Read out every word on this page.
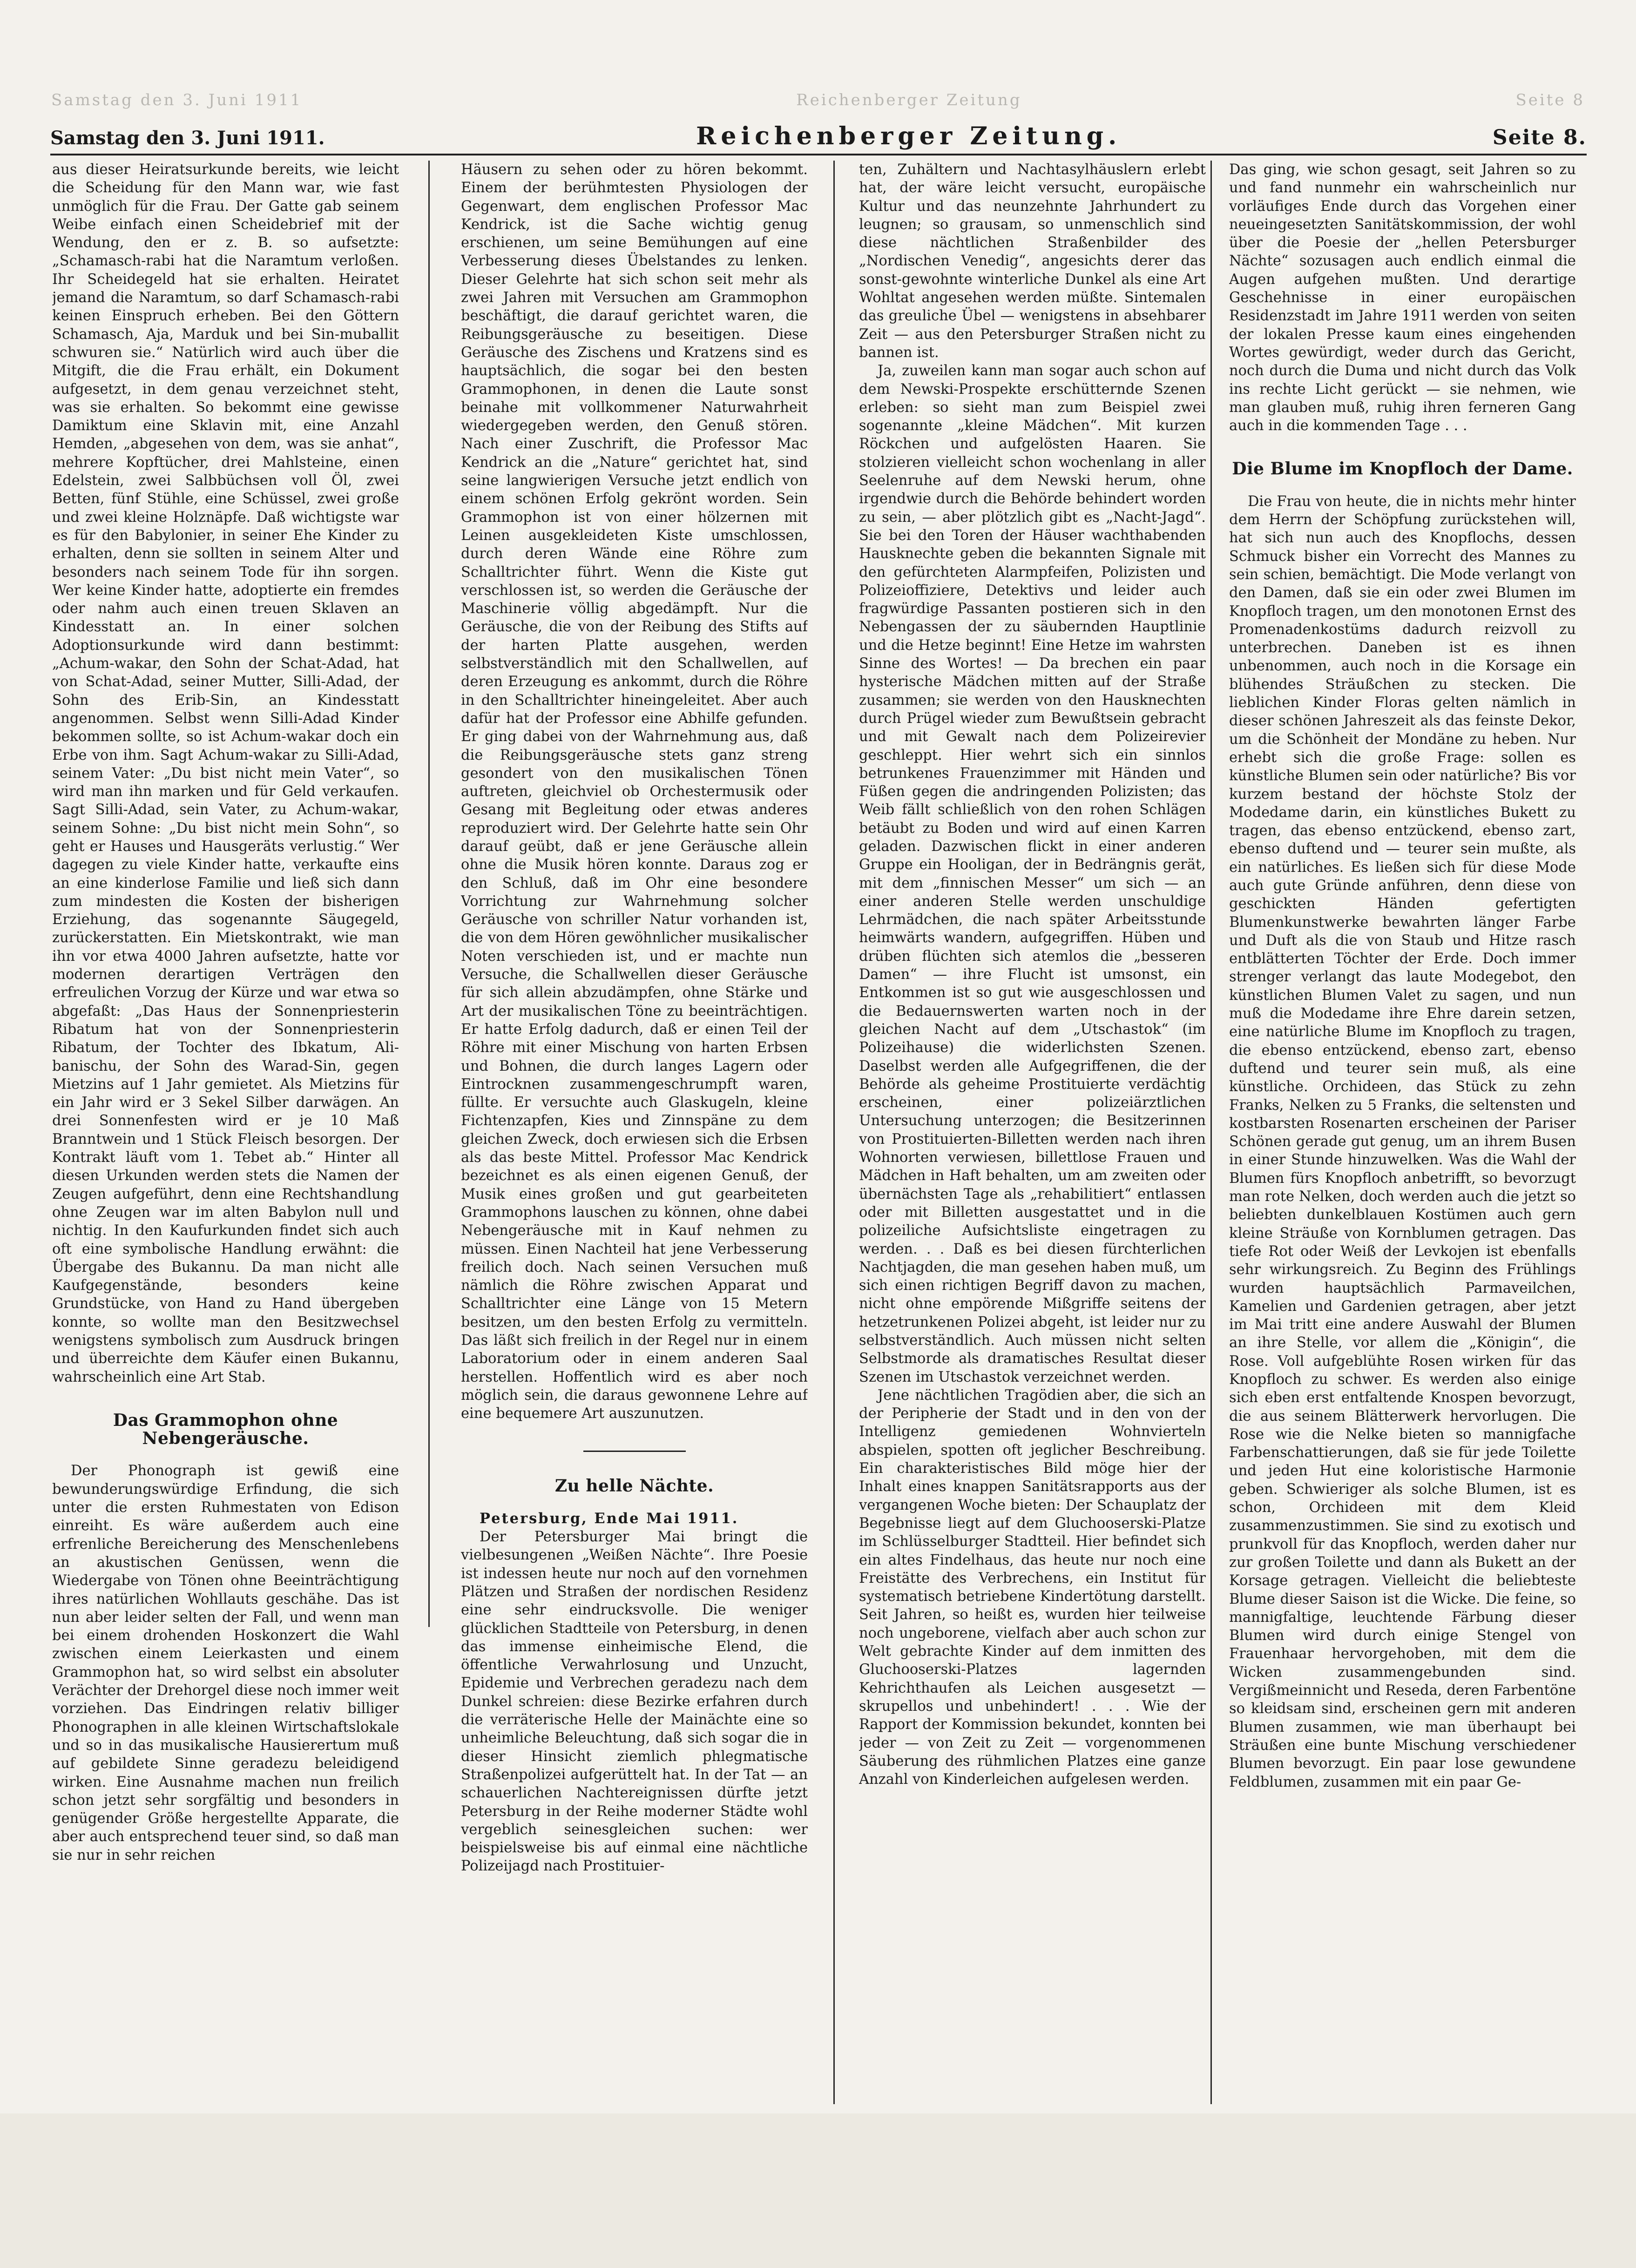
Samstag den 3. Juni 1911	Reichenberger Zeitung	Seite 8
Samstag den 3. Juni 1911.	Reichenberger Zeitung.	Seite 8.

aus dieser Heiratsurkunde bereits, wie leicht die Scheidung für den Mann war, wie fast unmöglich für die Frau. Der Gatte gab seinem Weibe einfach einen Scheidebrief mit der Wendung, den er z. B. so aufsetzte: „Schamasch-rabi hat die Naramtum verloßen. Ihr Scheidegeld hat sie erhalten. Heiratet jemand die Naramtum, so darf Schamasch-rabi keinen Einspruch erheben. Bei den Göttern Schamasch, Aja, Marduk und bei Sin-muballit schwuren sie.“ Natürlich wird auch über die Mitgift, die die Frau erhält, ein Dokument aufgesetzt, in dem genau verzeichnet steht, was sie erhalten. So bekommt eine gewisse Damiktum eine Sklavin mit, eine Anzahl Hemden, „abgesehen von dem, was sie anhat“, mehrere Kopftücher, drei Mahlsteine, einen Edelstein, zwei Salbbüchsen voll Öl, zwei Betten, fünf Stühle, eine Schüssel, zwei große und zwei kleine Holznäpfe. Daß wichtigste war es für den Babylonier, in seiner Ehe Kinder zu erhalten, denn sie sollten in seinem Alter und besonders nach seinem Tode für ihn sorgen. Wer keine Kinder hatte, adoptierte ein fremdes oder nahm auch einen treuen Sklaven an Kindesstatt an. In einer solchen Adoptionsurkunde wird dann bestimmt: „Achum-wakar, den Sohn der Schat-Adad, hat von Schat-Adad, seiner Mutter, Silli-Adad, der Sohn des Erib-Sin, an Kindesstatt angenommen. Selbst wenn Silli-Adad Kinder bekommen sollte, so ist Achum-wakar doch ein Erbe von ihm. Sagt Achum-wakar zu Silli-Adad, seinem Vater: „Du bist nicht mein Vater“, so wird man ihn marken und für Geld verkaufen. Sagt Silli-Adad, sein Vater, zu Achum-wakar, seinem Sohne: „Du bist nicht mein Sohn“, so geht er Hauses und Hausgeräts verlustig.“ Wer dagegen zu viele Kinder hatte, verkaufte eins an eine kinderlose Familie und ließ sich dann zum mindesten die Kosten der bisherigen Erziehung, das sogenannte Säugegeld, zurückerstatten. Ein Mietskontrakt, wie man ihn vor etwa 4000 Jahren aufsetzte, hatte vor modernen derartigen Verträgen den erfreulichen Vorzug der Kürze und war etwa so abgefaßt: „Das Haus der Sonnenpriesterin Ribatum hat von der Sonnenpriesterin Ribatum, der Tochter des Ibkatum, Ali-banischu, der Sohn des Warad-Sin, gegen Mietzins auf 1 Jahr gemietet. Als Mietzins für ein Jahr wird er 3 Sekel Silber darwägen. An drei Sonnenfesten wird er je 10 Maß Branntwein und 1 Stück Fleisch besorgen. Der Kontrakt läuft vom 1. Tebet ab.“ Hinter all diesen Urkunden werden stets die Namen der Zeugen aufgeführt, denn eine Rechtshandlung ohne Zeugen war im alten Babylon null und nichtig. In den Kaufurkunden findet sich auch oft eine symbolische Handlung erwähnt: die Übergabe des Bukannu. Da man nicht alle Kaufgegenstände, besonders keine Grundstücke, von Hand zu Hand übergeben konnte, so wollte man den Besitzwechsel wenigstens symbolisch zum Ausdruck bringen und überreichte dem Käufer einen Bukannu, wahrscheinlich eine Art Stab.

Das Grammophon ohne Nebengeräusche.

Der Phonograph ist gewiß eine bewunderungswürdige Erfindung, die sich unter die ersten Ruhmestaten von Edison einreiht. Es wäre außerdem auch eine erfrenliche Bereicherung des Menschenlebens an akustischen Genüssen, wenn die Wiedergabe von Tönen ohne Beeinträchtigung ihres natürlichen Wohllauts geschähe. Das ist nun aber leider selten der Fall, und wenn man bei einem drohenden Hoskonzert die Wahl zwischen einem Leierkasten und einem Grammophon hat, so wird selbst ein absoluter Verächter der Drehorgel diese noch immer weit vorziehen. Das Eindringen relativ billiger Phonographen in alle kleinen Wirtschaftslokale und so in das musikalische Hausierertum muß auf gebildete Sinne geradezu beleidigend wirken. Eine Ausnahme machen nun freilich schon jetzt sehr sorgfältig und besonders in genügender Größe hergestellte Apparate, die aber auch entsprechend teuer sind, so daß man sie nur in sehr reichen

Häusern zu sehen oder zu hören bekommt. Einem der berühmtesten Physiologen der Gegenwart, dem englischen Professor Mac Kendrick, ist die Sache wichtig genug erschienen, um seine Bemühungen auf eine Verbesserung dieses Übelstandes zu lenken. Dieser Gelehrte hat sich schon seit mehr als zwei Jahren mit Versuchen am Grammophon beschäftigt, die darauf gerichtet waren, die Reibungsgeräusche zu beseitigen. Diese Geräusche des Zischens und Kratzens sind es hauptsächlich, die sogar bei den besten Grammophonen, in denen die Laute sonst beinahe mit vollkommener Naturwahrheit wiedergegeben werden, den Genuß stören. Nach einer Zuschrift, die Professor Mac Kendrick an die „Nature“ gerichtet hat, sind seine langwierigen Versuche jetzt endlich von einem schönen Erfolg gekrönt worden. Sein Grammophon ist von einer hölzernen mit Leinen ausgekleideten Kiste umschlossen, durch deren Wände eine Röhre zum Schalltrichter führt. Wenn die Kiste gut verschlossen ist, so werden die Geräusche der Maschinerie völlig abgedämpft. Nur die Geräusche, die von der Reibung des Stifts auf der harten Platte ausgehen, werden selbstverständlich mit den Schallwellen, auf deren Erzeugung es ankommt, durch die Röhre in den Schalltrichter hineingeleitet. Aber auch dafür hat der Professor eine Abhilfe gefunden. Er ging dabei von der Wahrnehmung aus, daß die Reibungsgeräusche stets ganz streng gesondert von den musikalischen Tönen auftreten, gleichviel ob Orchestermusik oder Gesang mit Begleitung oder etwas anderes reproduziert wird. Der Gelehrte hatte sein Ohr darauf geübt, daß er jene Geräusche allein ohne die Musik hören konnte. Daraus zog er den Schluß, daß im Ohr eine besondere Vorrichtung zur Wahrnehmung solcher Geräusche von schriller Natur vorhanden ist, die von dem Hören gewöhnlicher musikalischer Noten verschieden ist, und er machte nun Versuche, die Schallwellen dieser Geräusche für sich allein abzudämpfen, ohne Stärke und Art der musikalischen Töne zu beeinträchtigen. Er hatte Erfolg dadurch, daß er einen Teil der Röhre mit einer Mischung von harten Erbsen und Bohnen, die durch langes Lagern oder Eintrocknen zusammengeschrumpft waren, füllte. Er versuchte auch Glaskugeln, kleine Fichtenzapfen, Kies und Zinnspäne zu dem gleichen Zweck, doch erwiesen sich die Erbsen als das beste Mittel. Professor Mac Kendrick bezeichnet es als einen eigenen Genuß, der Musik eines großen und gut gearbeiteten Grammophons lauschen zu können, ohne dabei Nebengeräusche mit in Kauf nehmen zu müssen. Einen Nachteil hat jene Verbesserung freilich doch. Nach seinen Versuchen muß nämlich die Röhre zwischen Apparat und Schalltrichter eine Länge von 15 Metern besitzen, um den besten Erfolg zu vermitteln. Das läßt sich freilich in der Regel nur in einem Laboratorium oder in einem anderen Saal herstellen. Hoffentlich wird es aber noch möglich sein, die daraus gewonnene Lehre auf eine bequemere Art auszunutzen.

Zu helle Nächte.

Petersburg, Ende Mai 1911.

Der Petersburger Mai bringt die vielbesungenen „Weißen Nächte“. Ihre Poesie ist indessen heute nur noch auf den vornehmen Plätzen und Straßen der nordischen Residenz eine sehr eindrucksvolle. Die weniger glücklichen Stadtteile von Petersburg, in denen das immense einheimische Elend, die öffentliche Verwahrlosung und Unzucht, Epidemie und Verbrechen geradezu nach dem Dunkel schreien: diese Bezirke erfahren durch die verräterische Helle der Mainächte eine so unheimliche Beleuchtung, daß sich sogar die in dieser Hinsicht ziemlich phlegmatische Straßenpolizei aufgerüttelt hat. In der Tat — an schauerlichen Nachtereignissen dürfte jetzt Petersburg in der Reihe moderner Städte wohl vergeblich seinesgleichen suchen: wer beispielsweise bis auf einmal eine nächtliche Polizeijagd nach Prostituier-

ten, Zuhältern und Nachtasylhäuslern erlebt hat, der wäre leicht versucht, europäische Kultur und das neunzehnte Jahrhundert zu leugnen; so grausam, so unmenschlich sind diese nächtlichen Straßenbilder des „Nordischen Venedig“, angesichts derer das sonst-gewohnte winterliche Dunkel als eine Art Wohltat angesehen werden müßte. Sintemalen das greuliche Übel — wenigstens in absehbarer Zeit — aus den Petersburger Straßen nicht zu bannen ist.

Ja, zuweilen kann man sogar auch schon auf dem Newski-Prospekte erschütternde Szenen erleben: so sieht man zum Beispiel zwei sogenannte „kleine Mädchen“. Mit kurzen Röckchen und aufgelösten Haaren. Sie stolzieren vielleicht schon wochenlang in aller Seelenruhe auf dem Newski herum, ohne irgendwie durch die Behörde behindert worden zu sein, — aber plötzlich gibt es „Nacht-Jagd“. Sie bei den Toren der Häuser wachthabenden Hausknechte geben die bekannten Signale mit den gefürchteten Alarmpfeifen, Polizisten und Polizeioffiziere, Detektivs und leider auch fragwürdige Passanten postieren sich in den Nebengassen der zu säubernden Hauptlinie und die Hetze beginnt! Eine Hetze im wahrsten Sinne des Wortes! — Da brechen ein paar hysterische Mädchen mitten auf der Straße zusammen; sie werden von den Hausknechten durch Prügel wieder zum Bewußtsein gebracht und mit Gewalt nach dem Polizeirevier geschleppt. Hier wehrt sich ein sinnlos betrunkenes Frauenzimmer mit Händen und Füßen gegen die andringenden Polizisten; das Weib fällt schließlich von den rohen Schlägen betäubt zu Boden und wird auf einen Karren geladen. Dazwischen flickt in einer anderen Gruppe ein Hooligan, der in Bedrängnis gerät, mit dem „finnischen Messer“ um sich — an einer anderen Stelle werden unschuldige Lehrmädchen, die nach später Arbeitsstunde heimwärts wandern, aufgegriffen. Hüben und drüben flüchten sich atemlos die „besseren Damen“ — ihre Flucht ist umsonst, ein Entkommen ist so gut wie ausgeschlossen und die Bedauernswerten warten noch in der gleichen Nacht auf dem „Utschastok“ (im Polizeihause) die widerlichsten Szenen. Daselbst werden alle Aufgegriffenen, die der Behörde als geheime Prostituierte verdächtig erscheinen, einer polizeiärztlichen Untersuchung unterzogen; die Besitzerinnen von Prostituierten-Billetten werden nach ihren Wohnorten verwiesen, billettlose Frauen und Mädchen in Haft behalten, um am zweiten oder übernächsten Tage als „rehabilitiert“ entlassen oder mit Billetten ausgestattet und in die polizeiliche Aufsichtsliste eingetragen zu werden. . . Daß es bei diesen fürchterlichen Nachtjagden, die man gesehen haben muß, um sich einen richtigen Begriff davon zu machen, nicht ohne empörende Mißgriffe seitens der hetzetrunkenen Polizei abgeht, ist leider nur zu selbstverständlich. Auch müssen nicht selten Selbstmorde als dramatisches Resultat dieser Szenen im Utschastok verzeichnet werden.

Jene nächtlichen Tragödien aber, die sich an der Peripherie der Stadt und in den von der Intelligenz gemiedenen Wohnvierteln abspielen, spotten oft jeglicher Beschreibung. Ein charakteristisches Bild möge hier der Inhalt eines knappen Sanitätsrapports aus der vergangenen Woche bieten: Der Schauplatz der Begebnisse liegt auf dem Gluchooserski-Platze im Schlüsselburger Stadtteil. Hier befindet sich ein altes Findelhaus, das heute nur noch eine Freistätte des Verbrechens, ein Institut für systematisch betriebene Kindertötung darstellt. Seit Jahren, so heißt es, wurden hier teilweise noch ungeborene, vielfach aber auch schon zur Welt gebrachte Kinder auf dem inmitten des Gluchooserski-Platzes lagernden Kehrichthaufen als Leichen ausgesetzt — skrupellos und unbehindert! . . . Wie der Rapport der Kommission bekundet, konnten bei jeder — von Zeit zu Zeit — vorgenommenen Säuberung des rühmlichen Platzes eine ganze Anzahl von Kinderleichen aufgelesen werden.

Das ging, wie schon gesagt, seit Jahren so zu und fand nunmehr ein wahrscheinlich nur vorläufiges Ende durch das Vorgehen einer neueingesetzten Sanitätskommission, der wohl über die Poesie der „hellen Petersburger Nächte“ sozusagen auch endlich einmal die Augen aufgehen mußten. Und derartige Geschehnisse in einer europäischen Residenzstadt im Jahre 1911 werden von seiten der lokalen Presse kaum eines eingehenden Wortes gewürdigt, weder durch das Gericht, noch durch die Duma und nicht durch das Volk ins rechte Licht gerückt — sie nehmen, wie man glauben muß, ruhig ihren ferneren Gang auch in die kommenden Tage . . .

Die Blume im Knopfloch der Dame.

Die Frau von heute, die in nichts mehr hinter dem Herrn der Schöpfung zurückstehen will, hat sich nun auch des Knopflochs, dessen Schmuck bisher ein Vorrecht des Mannes zu sein schien, bemächtigt. Die Mode verlangt von den Damen, daß sie ein oder zwei Blumen im Knopfloch tragen, um den monotonen Ernst des Promenadenkostüms dadurch reizvoll zu unterbrechen. Daneben ist es ihnen unbenommen, auch noch in die Korsage ein blühendes Sträußchen zu stecken. Die lieblichen Kinder Floras gelten nämlich in dieser schönen Jahreszeit als das feinste Dekor, um die Schönheit der Mondäne zu heben. Nur erhebt sich die große Frage: sollen es künstliche Blumen sein oder natürliche? Bis vor kurzem bestand der höchste Stolz der Modedame darin, ein künstliches Bukett zu tragen, das ebenso entzückend, ebenso zart, ebenso duftend und — teurer sein mußte, als ein natürliches. Es ließen sich für diese Mode auch gute Gründe anführen, denn diese von geschickten Händen gefertigten Blumenkunstwerke bewahrten länger Farbe und Duft als die von Staub und Hitze rasch entblätterten Töchter der Erde. Doch immer strenger verlangt das laute Modegebot, den künstlichen Blumen Valet zu sagen, und nun muß die Modedame ihre Ehre darein setzen, eine natürliche Blume im Knopfloch zu tragen, die ebenso entzückend, ebenso zart, ebenso duftend und teurer sein muß, als eine künstliche. Orchideen, das Stück zu zehn Franks, Nelken zu 5 Franks, die seltensten und kostbarsten Rosenarten erscheinen der Pariser Schönen gerade gut genug, um an ihrem Busen in einer Stunde hinzuwelken. Was die Wahl der Blumen fürs Knopfloch anbetrifft, so bevorzugt man rote Nelken, doch werden auch die jetzt so beliebten dunkelblauen Kostümen auch gern kleine Sträuße von Kornblumen getragen. Das tiefe Rot oder Weiß der Levkojen ist ebenfalls sehr wirkungsreich. Zu Beginn des Frühlings wurden hauptsächlich Parmaveilchen, Kamelien und Gardenien getragen, aber jetzt im Mai tritt eine andere Auswahl der Blumen an ihre Stelle, vor allem die „Königin“, die Rose. Voll aufgeblühte Rosen wirken für das Knopfloch zu schwer. Es werden also einige sich eben erst entfaltende Knospen bevorzugt, die aus seinem Blätterwerk hervorlugen. Die Rose wie die Nelke bieten so mannigfache Farbenschattierungen, daß sie für jede Toilette und jeden Hut eine koloristische Harmonie geben. Schwieriger als solche Blumen, ist es schon, Orchideen mit dem Kleid zusammenzustimmen. Sie sind zu exotisch und prunkvoll für das Knopfloch, werden daher nur zur großen Toilette und dann als Bukett an der Korsage getragen. Vielleicht die beliebteste Blume dieser Saison ist die Wicke. Die feine, so mannigfaltige, leuchtende Färbung dieser Blumen wird durch einige Stengel von Frauenhaar hervorgehoben, mit dem die Wicken zusammengebunden sind. Vergißmeinnicht und Reseda, deren Farbentöne so kleidsam sind, erscheinen gern mit anderen Blumen zusammen, wie man überhaupt bei Sträußen eine bunte Mischung verschiedener Blumen bevorzugt. Ein paar lose gewundene Feldblumen, zusammen mit ein paar Ge-
